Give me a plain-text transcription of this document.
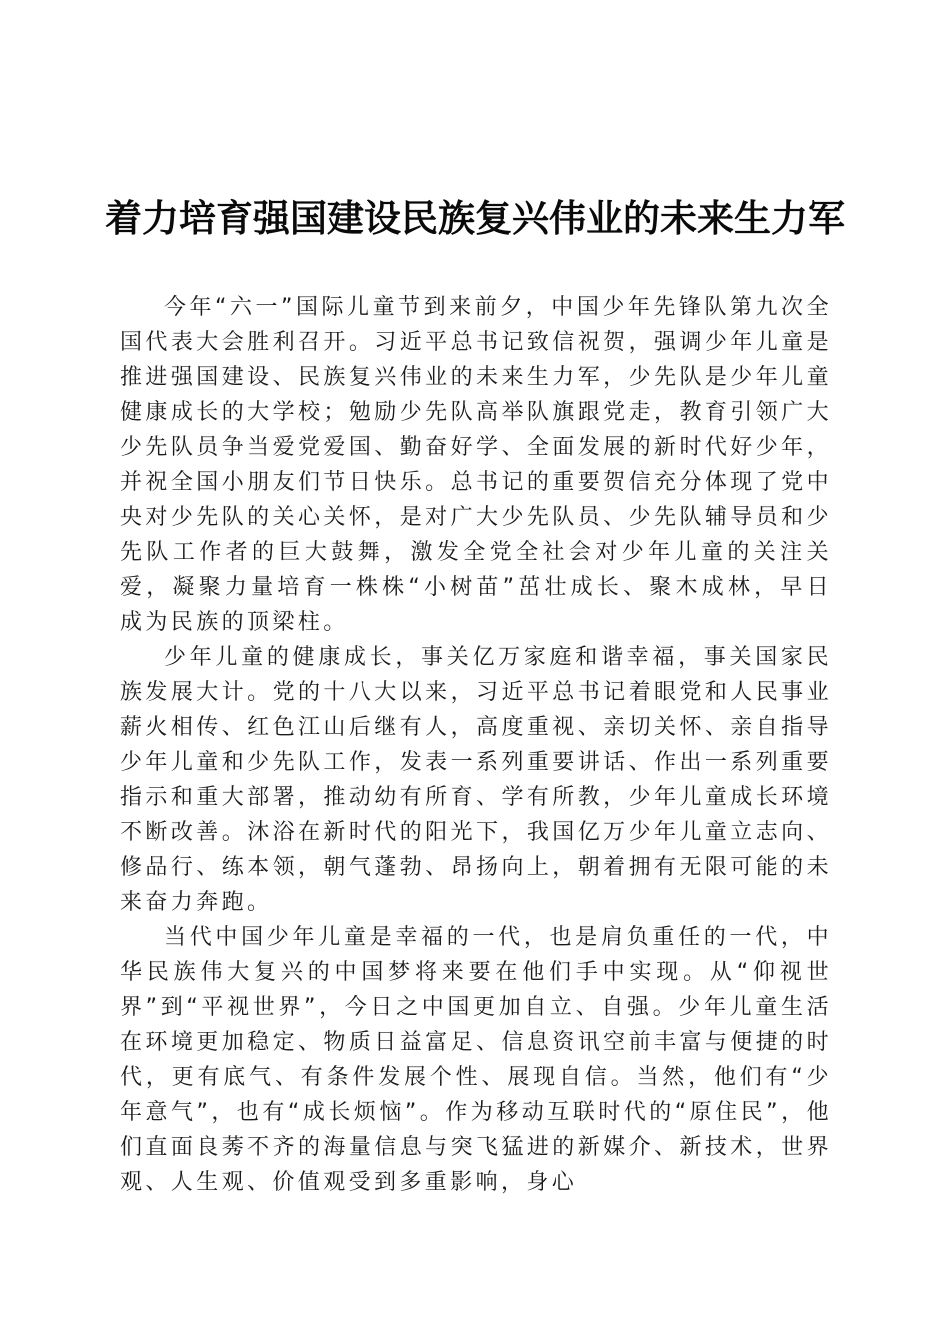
着力培育强国建设民族复兴伟业的未来生力军

今年“六一”国际儿童节到来前夕，中国少年先锋队第九次全国代表大会胜利召开。习近平总书记致信祝贺，强调少年儿童是推进强国建设、民族复兴伟业的未来生力军，少先队是少年儿童健康成长的大学校；勉励少先队高举队旗跟党走，教育引领广大少先队员争当爱党爱国、勤奋好学、全面发展的新时代好少年，并祝全国小朋友们节日快乐。总书记的重要贺信充分体现了党中央对少先队的关心关怀，是对广大少先队员、少先队辅导员和少先队工作者的巨大鼓舞，激发全党全社会对少年儿童的关注关爱，凝聚力量培育一株株“小树苗”茁壮成长、聚木成林，早日成为民族的顶梁柱。

少年儿童的健康成长，事关亿万家庭和谐幸福，事关国家民族发展大计。党的十八大以来，习近平总书记着眼党和人民事业薪火相传、红色江山后继有人，高度重视、亲切关怀、亲自指导少年儿童和少先队工作，发表一系列重要讲话、作出一系列重要指示和重大部署，推动幼有所育、学有所教，少年儿童成长环境不断改善。沐浴在新时代的阳光下，我国亿万少年儿童立志向、修品行、练本领，朝气蓬勃、昂扬向上，朝着拥有无限可能的未来奋力奔跑。

当代中国少年儿童是幸福的一代，也是肩负重任的一代，中华民族伟大复兴的中国梦将来要在他们手中实现。从“仰视世界”到“平视世界”，今日之中国更加自立、自强。少年儿童生活在环境更加稳定、物质日益富足、信息资讯空前丰富与便捷的时代，更有底气、有条件发展个性、展现自信。当然，他们有“少年意气”，也有“成长烦恼”。作为移动互联时代的“原住民”，他们直面良莠不齐的海量信息与突飞猛进的新媒介、新技术，世界观、人生观、价值观受到多重影响，身心
